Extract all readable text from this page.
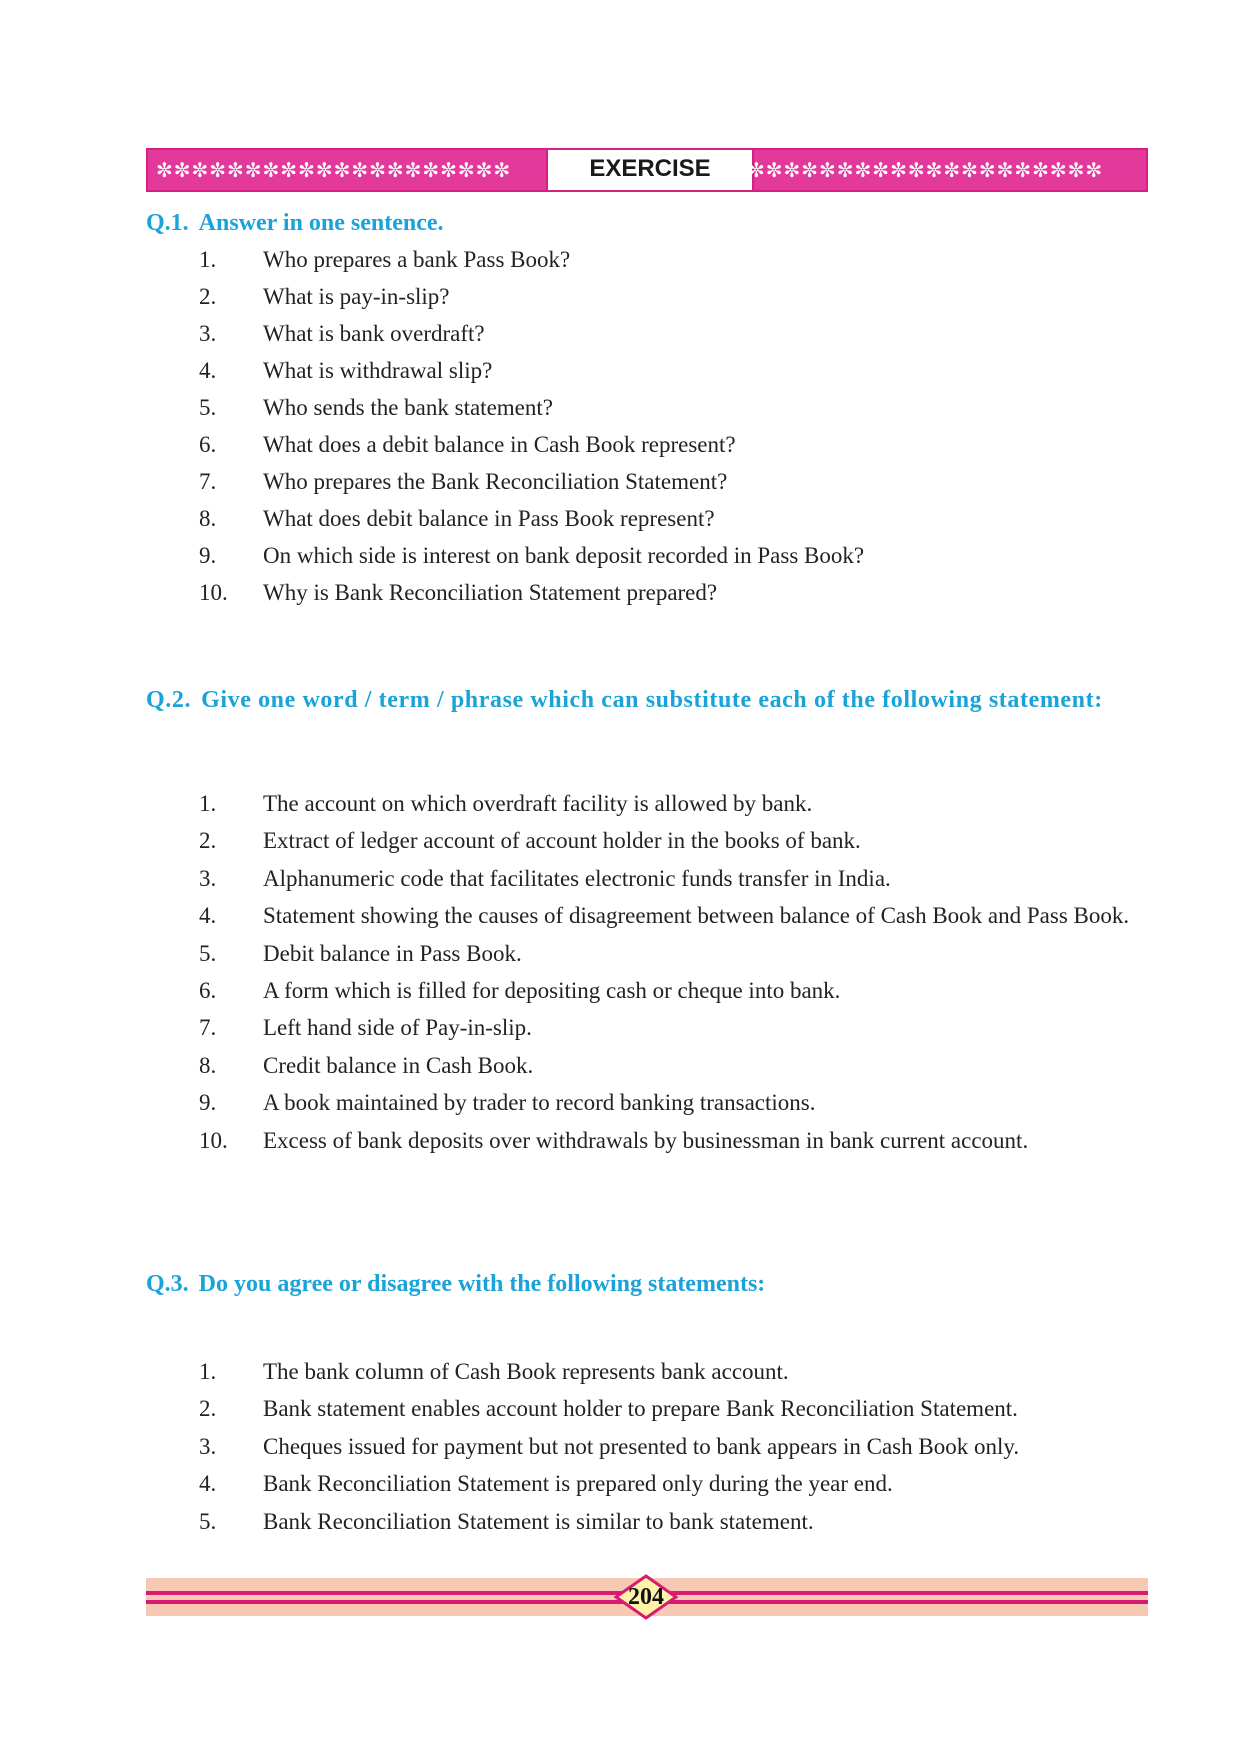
✼✼✼✼✼✼✼✼✼✼✼✼✼✼✼✼✼✼✼✼	EXERCISE	✼✼✼✼✼✼✼✼✼✼✼✼✼✼✼✼✼✼✼✼
Q.1. Answer in one sentence.
1. Who prepares a bank Pass Book?
2. What is pay-in-slip?
3. What is bank overdraft?
4. What is withdrawal slip?
5. Who sends the bank statement?
6. What does a debit balance in Cash Book represent?
7. Who prepares the Bank Reconciliation Statement?
8. What does debit balance in Pass Book represent?
9. On which side is interest on bank deposit recorded in Pass Book?
10. Why is Bank Reconciliation Statement prepared?
Q.2. Give one word / term / phrase which can substitute each of the following statement:
1. The account on which overdraft facility is allowed by bank.
2. Extract of ledger account of account holder in the books of bank.
3. Alphanumeric code that facilitates electronic funds transfer in India.
4. Statement showing the causes of disagreement between balance of Cash Book and Pass Book.
5. Debit balance in Pass Book.
6. A form which is filled for depositing cash or cheque into bank.
7. Left hand side of Pay-in-slip.
8. Credit balance in Cash Book.
9. A book maintained by trader to record banking transactions.
10. Excess of bank deposits over withdrawals by businessman in bank current account.
Q.3. Do you agree or disagree with the following statements:
1. The bank column of Cash Book represents bank account.
2. Bank statement enables account holder to prepare Bank Reconciliation Statement.
3. Cheques issued for payment but not presented to bank appears in Cash Book only.
4. Bank Reconciliation Statement is prepared only during the year end.
5. Bank Reconciliation Statement is similar to bank statement.
204
